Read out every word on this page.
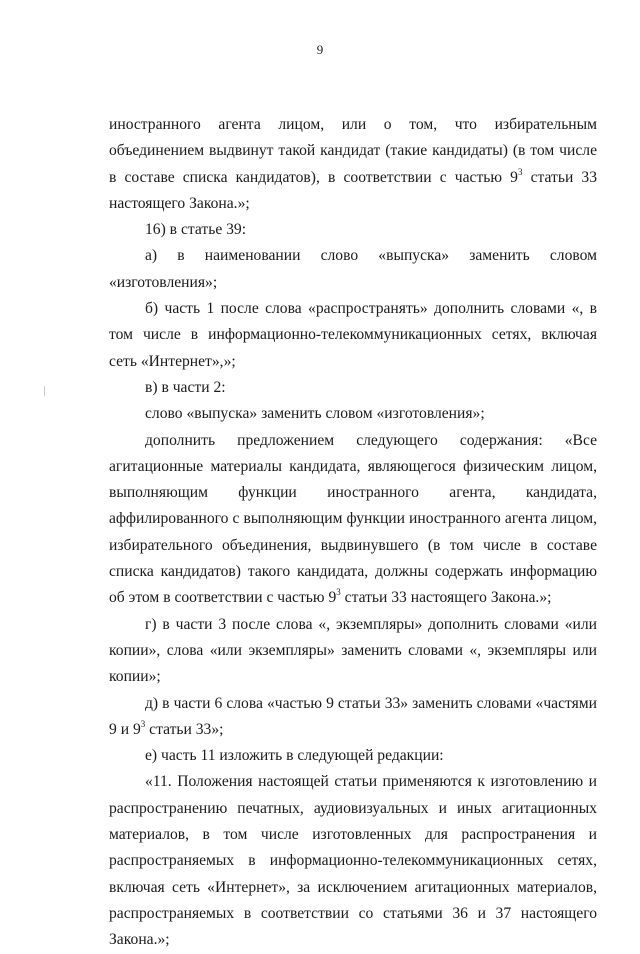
9

иностранного агента лицом, или о том, что избирательным объединением выдвинут такой кандидат (такие кандидаты) (в том числе в составе списка кандидатов), в соответствии с частью $9^3$ статьи 33 настоящего Закона.»;

16) в статье 39:

а) в наименовании слово «выпуска» заменить словом «изготовления»;

б) часть 1 после слова «распространять» дополнить словами «, в том числе в информационно-телекоммуникационных сетях, включая сеть «Интернет»,»;

в) в части 2:

слово «выпуска» заменить словом «изготовления»;

дополнить предложением следующего содержания: «Все агитационные материалы кандидата, являющегося физическим лицом, выполняющим функции иностранного агента, кандидата, аффилированного с выполняющим функции иностранного агента лицом, избирательного объединения, выдвинувшего (в том числе в составе списка кандидатов) такого кандидата, должны содержать информацию об этом в соответствии с частью $9^3$ статьи 33 настоящего Закона.»;

г) в части 3 после слова «, экземпляры» дополнить словами «или копии», слова «или экземпляры» заменить словами «, экземпляры или копии»;

д) в части 6 слова «частью 9 статьи 33» заменить словами «частями 9 и $9^3$ статьи 33»;

е) часть 11 изложить в следующей редакции:

«11. Положения настоящей статьи применяются к изготовлению и распространению печатных, аудиовизуальных и иных агитационных материалов, в том числе изготовленных для распространения и распространяемых в информационно-телекоммуникационных сетях, включая сеть «Интернет», за исключением агитационных материалов, распространяемых в соответствии со статьями 36 и 37 настоящего Закона.»;
